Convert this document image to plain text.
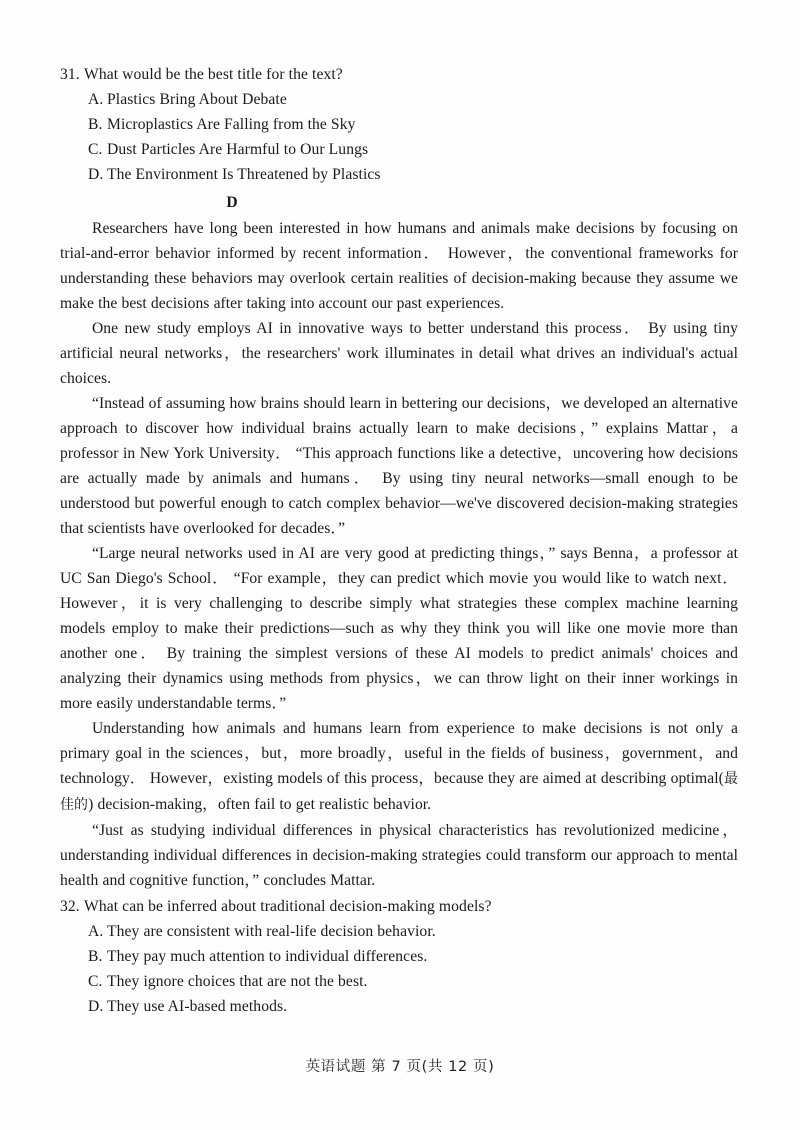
31. What would be the best title for the text?

A. Plastics Bring About Debate
B. Microplastics Are Falling from the Sky
C. Dust Particles Are Harmful to Our Lungs
D. The Environment Is Threatened by Plastics
D

Researchers have long been interested in how humans and animals make decisions by focusing on trial-and-error behavior informed by recent information． However，the conventional frameworks for understanding these behaviors may overlook certain realities of decision-making because they assume we make the best decisions after taking into account our past experiences.

One new study employs AI in innovative ways to better understand this process． By using tiny artificial neural networks，the researchers' work illuminates in detail what drives an individual's actual choices.

“Instead of assuming how brains should learn in bettering our decisions，we developed an alternative approach to discover how individual brains actually learn to make decisions，” explains Mattar，a professor in New York University． “This approach functions like a detective，uncovering how decisions are actually made by animals and humans． By using tiny neural networks—small enough to be understood but powerful enough to catch complex behavior—we've discovered decision-making strategies that scientists have overlooked for decades．”

“Large neural networks used in AI are very good at predicting things，” says Benna，a professor at UC San Diego's School． “For example，they can predict which movie you would like to watch next． However，it is very challenging to describe simply what strategies these complex machine learning models employ to make their predictions—such as why they think you will like one movie more than another one． By training the simplest versions of these AI models to predict animals' choices and analyzing their dynamics using methods from physics，we can throw light on their inner workings in more easily understandable terms．”

Understanding how animals and humans learn from experience to make decisions is not only a primary goal in the sciences，but，more broadly，useful in the fields of business，government，and technology． However，existing models of this process，because they are aimed at describing optimal(最佳的) decision-making，often fail to get realistic behavior.

“Just as studying individual differences in physical characteristics has revolutionized medicine，understanding individual differences in decision-making strategies could transform our approach to mental health and cognitive function，” concludes Mattar.

32. What can be inferred about traditional decision-making models?

A. They are consistent with real-life decision behavior.
B. They pay much attention to individual differences.
C. They ignore choices that are not the best.
D. They use AI-based methods.
英语试题 第 7 页(共 12 页)
